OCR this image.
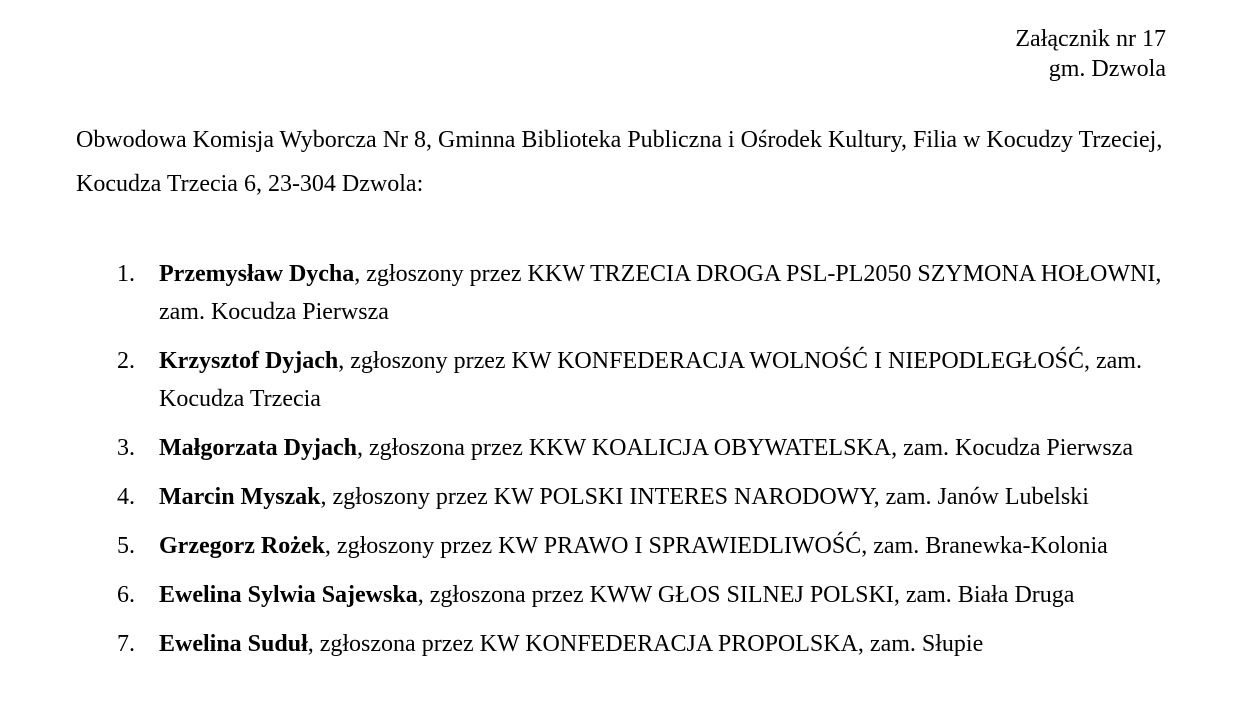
Załącznik nr 17
gm. Dzwola
Obwodowa Komisja Wyborcza Nr 8, Gminna Biblioteka Publiczna i Ośrodek Kultury, Filia w Kocudzy Trzeciej, Kocudza Trzecia 6, 23-304 Dzwola:
1. Przemysław Dycha, zgłoszony przez KKW TRZECIA DROGA PSL-PL2050 SZYMONA HOŁOWNI, zam. Kocudza Pierwsza
2. Krzysztof Dyjach, zgłoszony przez KW KONFEDERACJA WOLNOŚĆ I NIEPODLEGŁOŚĆ, zam. Kocudza Trzecia
3. Małgorzata Dyjach, zgłoszona przez KKW KOALICJA OBYWATELSKA, zam. Kocudza Pierwsza
4. Marcin Myszak, zgłoszony przez KW POLSKI INTERES NARODOWY, zam. Janów Lubelski
5. Grzegorz Rożek, zgłoszony przez KW PRAWO I SPRAWIEDLIWOŚĆ, zam. Branewka-Kolonia
6. Ewelina Sylwia Sajewska, zgłoszona przez KWW GŁOS SILNEJ POLSKI, zam. Biała Druga
7. Ewelina Suduł, zgłoszona przez KW KONFEDERACJA PROPOLSKA, zam. Słupie
